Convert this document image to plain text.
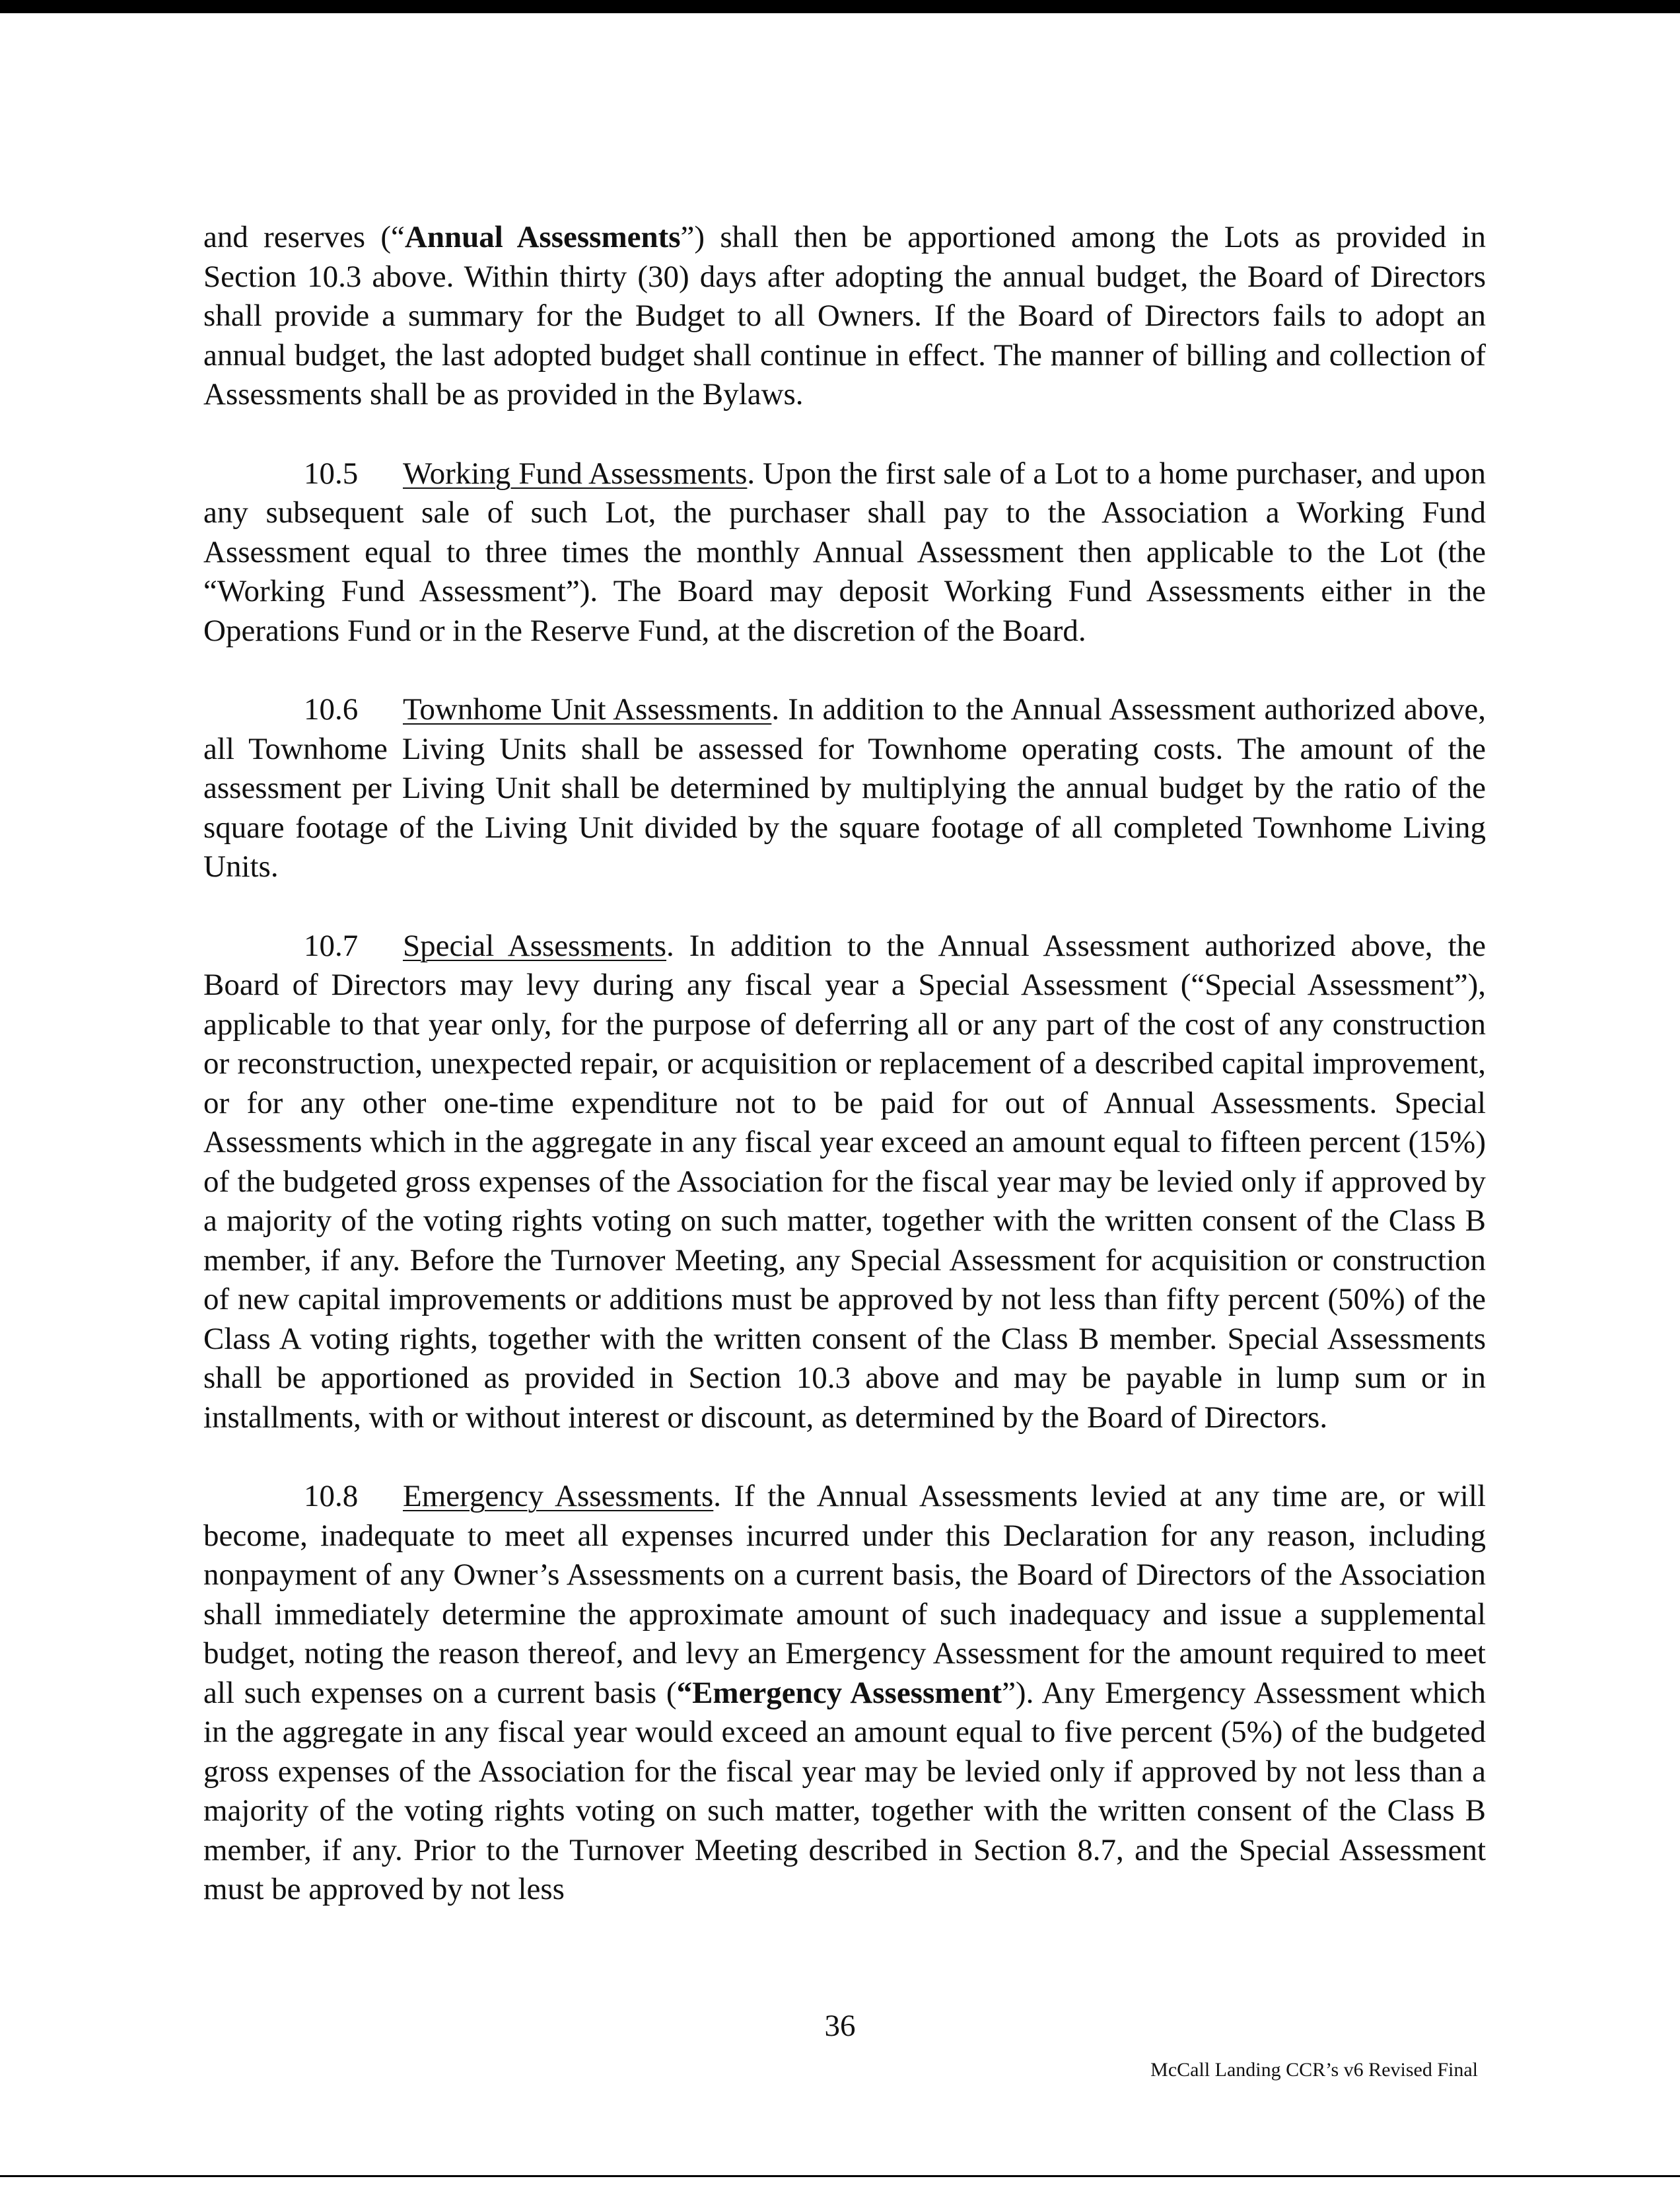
and reserves (“Annual Assessments”) shall then be apportioned among the Lots as provided in Section 10.3 above. Within thirty (30) days after adopting the annual budget, the Board of Directors shall provide a summary for the Budget to all Owners. If the Board of Directors fails to adopt an annual budget, the last adopted budget shall continue in effect. The manner of billing and collection of Assessments shall be as provided in the Bylaws.

10.5 Working Fund Assessments. Upon the first sale of a Lot to a home purchaser, and upon any subsequent sale of such Lot, the purchaser shall pay to the Association a Working Fund Assessment equal to three times the monthly Annual Assessment then applicable to the Lot (the “Working Fund Assessment”). The Board may deposit Working Fund Assessments either in the Operations Fund or in the Reserve Fund, at the discretion of the Board.

10.6 Townhome Unit Assessments. In addition to the Annual Assessment authorized above, all Townhome Living Units shall be assessed for Townhome operating costs. The amount of the assessment per Living Unit shall be determined by multiplying the annual budget by the ratio of the square footage of the Living Unit divided by the square footage of all completed Townhome Living Units.

10.7 Special Assessments. In addition to the Annual Assessment authorized above, the Board of Directors may levy during any fiscal year a Special Assessment (“Special Assessment”), applicable to that year only, for the purpose of deferring all or any part of the cost of any construction or reconstruction, unexpected repair, or acquisition or replacement of a described capital improvement, or for any other one-time expenditure not to be paid for out of Annual Assessments. Special Assessments which in the aggregate in any fiscal year exceed an amount equal to fifteen percent (15%) of the budgeted gross expenses of the Association for the fiscal year may be levied only if approved by a majority of the voting rights voting on such matter, together with the written consent of the Class B member, if any. Before the Turnover Meeting, any Special Assessment for acquisition or construction of new capital improvements or additions must be approved by not less than fifty percent (50%) of the Class A voting rights, together with the written consent of the Class B member. Special Assessments shall be apportioned as provided in Section 10.3 above and may be payable in lump sum or in installments, with or without interest or discount, as determined by the Board of Directors.

10.8 Emergency Assessments. If the Annual Assessments levied at any time are, or will become, inadequate to meet all expenses incurred under this Declaration for any reason, including nonpayment of any Owner’s Assessments on a current basis, the Board of Directors of the Association shall immediately determine the approximate amount of such inadequacy and issue a supplemental budget, noting the reason thereof, and levy an Emergency Assessment for the amount required to meet all such expenses on a current basis (“Emergency Assessment”). Any Emergency Assessment which in the aggregate in any fiscal year would exceed an amount equal to five percent (5%) of the budgeted gross expenses of the Association for the fiscal year may be levied only if approved by not less than a majority of the voting rights voting on such matter, together with the written consent of the Class B member, if any. Prior to the Turnover Meeting described in Section 8.7, and the Special Assessment must be approved by not less

36
McCall Landing CCR’s v6 Revised Final
